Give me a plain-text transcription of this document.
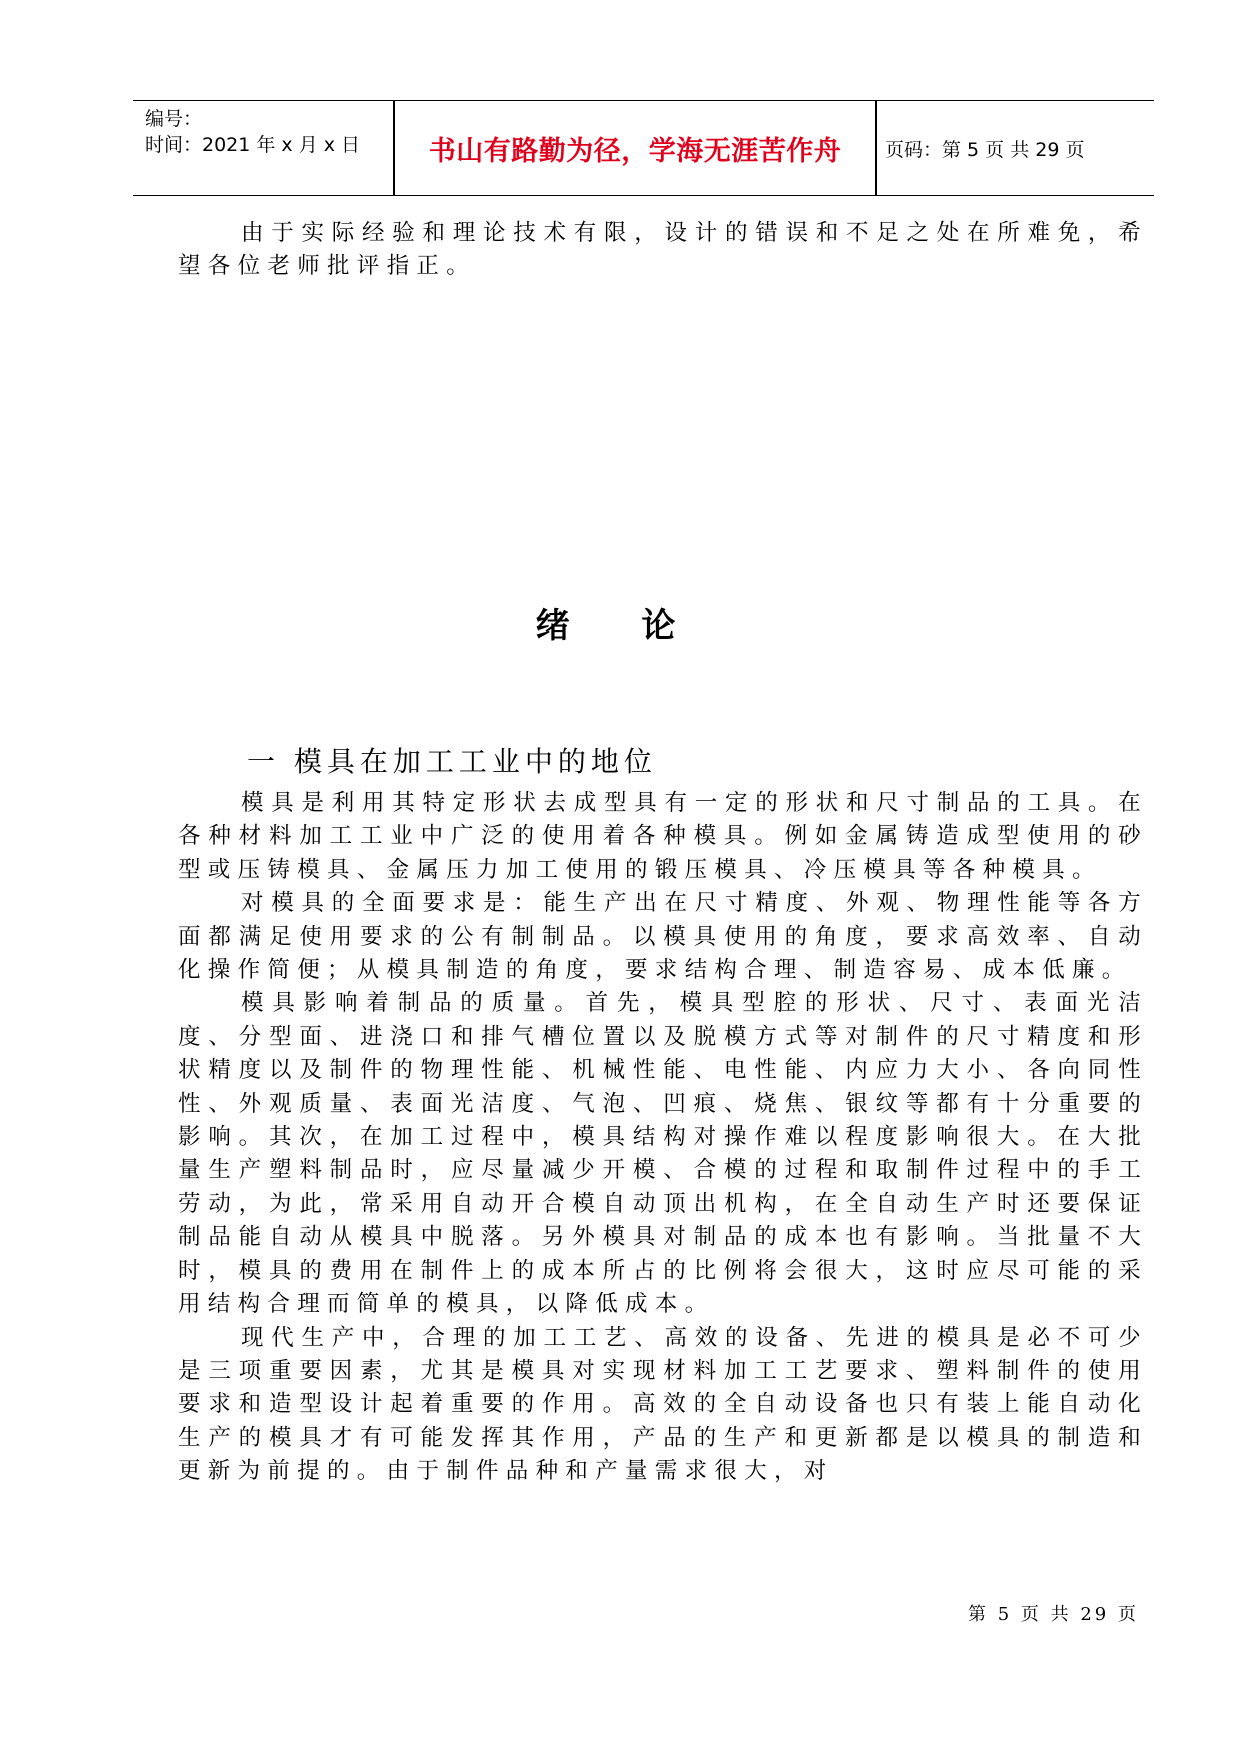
编号：
时间：2021 年 x 月 x 日	书山有路勤为径，学海无涯苦作舟 页码：第 5 页 共 29 页

由于实际经验和理论技术有限，设计的错误和不足之处在所难免，希望各位老师批评指正。

绪 论
一 模具在加工工业中的地位

模具是利用其特定形状去成型具有一定的形状和尺寸制品的工具。在各种材料加工工业中广泛的使用着各种模具。例如金属铸造成型使用的砂型或压铸模具、金属压力加工使用的锻压模具、冷压模具等各种模具。

对模具的全面要求是：能生产出在尺寸精度、外观、物理性能等各方面都满足使用要求的公有制制品。以模具使用的角度，要求高效率、自动化操作简便；从模具制造的角度，要求结构合理、制造容易、成本低廉。

模具影响着制品的质量。首先，模具型腔的形状、尺寸、表面光洁度、分型面、进浇口和排气槽位置以及脱模方式等对制件的尺寸精度和形状精度以及制件的物理性能、机械性能、电性能、内应力大小、各向同性性、外观质量、表面光洁度、气泡、凹痕、烧焦、银纹等都有十分重要的影响。其次，在加工过程中，模具结构对操作难以程度影响很大。在大批量生产塑料制品时，应尽量减少开模、合模的过程和取制件过程中的手工劳动，为此，常采用自动开合模自动顶出机构，在全自动生产时还要保证制品能自动从模具中脱落。另外模具对制品的成本也有影响。当批量不大时，模具的费用在制件上的成本所占的比例将会很大，这时应尽可能的采用结构合理而简单的模具，以降低成本。

现代生产中，合理的加工工艺、高效的设备、先进的模具是必不可少是三项重要因素，尤其是模具对实现材料加工工艺要求、塑料制件的使用要求和造型设计起着重要的作用。高效的全自动设备也只有装上能自动化生产的模具才有可能发挥其作用，产品的生产和更新都是以模具的制造和更新为前提的。由于制件品种和产量需求很大，对

第 5 页 共 29 页
